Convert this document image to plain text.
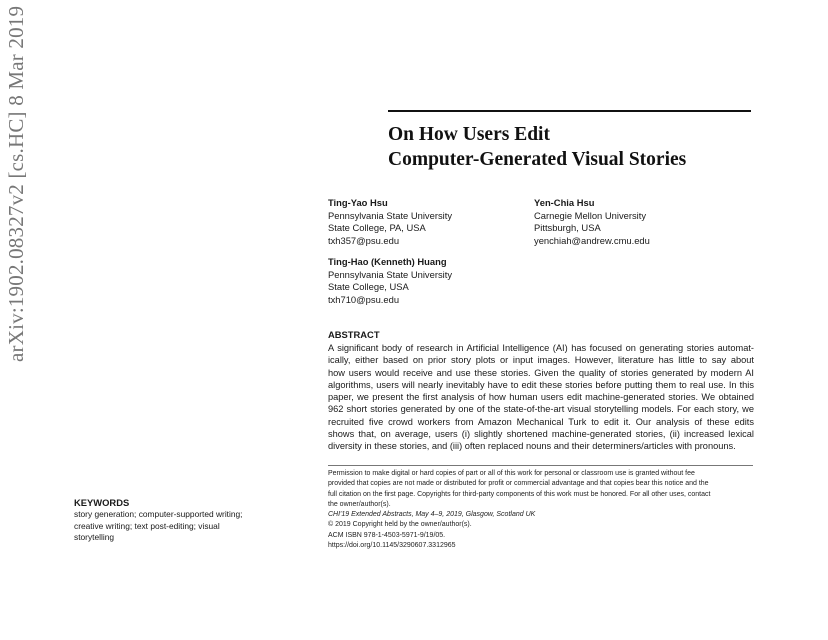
arXiv:1902.08327v2 [cs.HC] 8 Mar 2019	On How Users Edit
Computer-Generated Visual Stories
Ting-Yao Hsu
Pennsylvania State University
State College, PA, USA
txh357@psu.edu
Yen-Chia Hsu
Carnegie Mellon University
Pittsburgh, USA
yenchiah@andrew.cmu.edu
Ting-Hao (Kenneth) Huang
Pennsylvania State University
State College, USA
txh710@psu.edu
ABSTRACT
A significant body of research in Artificial Intelligence (AI) has focused on generating stories automat-
ically, either based on prior story plots or input images. However, literature has little to say about
how users would receive and use these stories. Given the quality of stories generated by modern AI
algorithms, users will nearly inevitably have to edit these stories before putting them to real use. In this
paper, we present the first analysis of how human users edit machine-generated stories. We obtained
962 short stories generated by one of the state-of-the-art visual storytelling models. For each story, we
recruited five crowd workers from Amazon Mechanical Turk to edit it. Our analysis of these edits
shows that, on average, users (i) slightly shortened machine-generated stories, (ii) increased lexical
diversity in these stories, and (iii) often replaced nouns and their determiners/articles with pronouns.
Permission to make digital or hard copies of part or all of this work for personal or classroom use is granted without fee
provided that copies are not made or distributed for profit or commercial advantage and that copies bear this notice and the
full citation on the first page. Copyrights for third-party components of this work must be honored. For all other uses, contact
the owner/author(s).
CHI'19 Extended Abstracts, May 4–9, 2019, Glasgow, Scotland UK
© 2019 Copyright held by the owner/author(s).
ACM ISBN 978-1-4503-5971-9/19/05.
https://doi.org/10.1145/3290607.3312965
KEYWORDS
story generation; computer-supported writing;
creative writing; text post-editing; visual
storytelling
